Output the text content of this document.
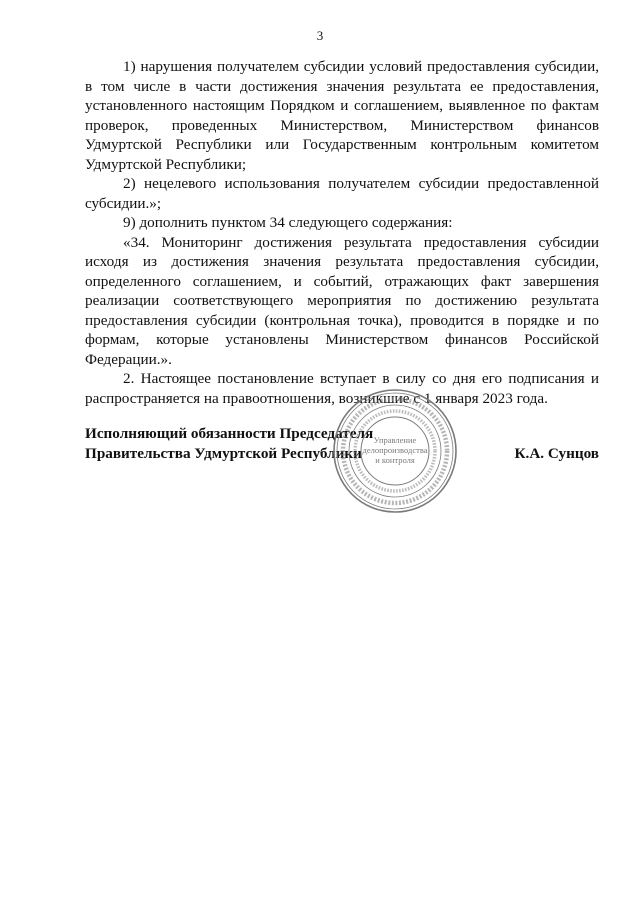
3

1) нарушения получателем субсидии условий предоставления субсидии, в том числе в части достижения значения результата ее предоставления, установленного настоящим Порядком и соглашением, выявленное по фактам проверок, проведенных Министерством, Министерством финансов Удмуртской Республики или Государственным контрольным комитетом Удмуртской Республики;

2) нецелевого использования получателем субсидии предоставленной субсидии.»;

9) дополнить пунктом 34 следующего содержания:

«34. Мониторинг достижения результата предоставления субсидии исходя из достижения значения результата предоставления субсидии, определенного соглашением, и событий, отражающих факт завершения реализации соответствующего мероприятия по достижению результата предоставления субсидии (контрольная точка), проводится в порядке и по формам, которые установлены Министерством финансов Российской Федерации.».

2. Настоящее постановление вступает в силу со дня его подписания и распространяется на правоотношения, возникшие с 1 января 2023 года.

Исполняющий обязанности Председателя
Правительства Удмуртской Республики	К.А. Сунцов
Управление
делопроизводства
и контроля
